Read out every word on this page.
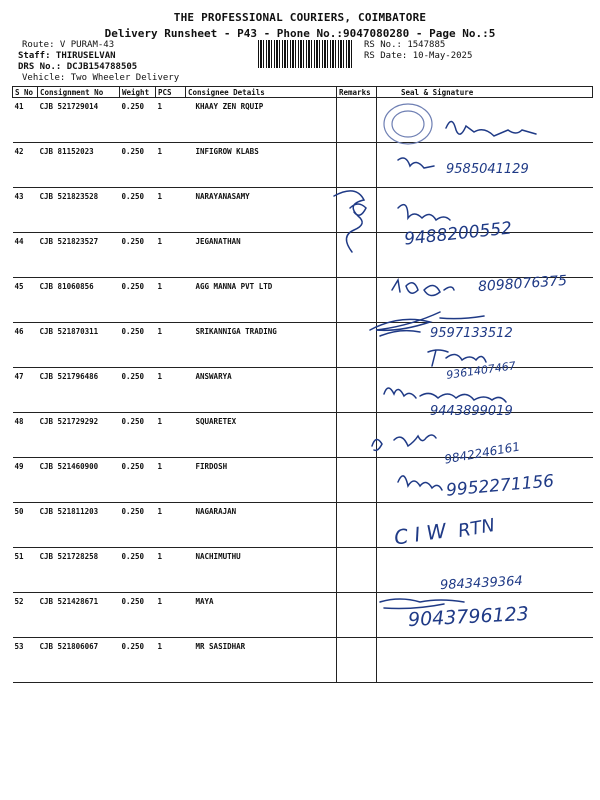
THE PROFESSIONAL COURIERS, COIMBATORE
Delivery Runsheet - P43 - Phone No.:9047080280 - Page No.:5
Route: V PURAM-43
Staff: THIRUSELVAN
DRS No.: DCJB154788505
Vehicle: Two Wheeler Delivery
RS No.: 1547885
RS Date: 10-May-2025
S No	Consignment No	Weight	PCS	Consignee Details	Remarks	Seal & Signature
41	CJB 521729014	0.250	1	KHAAY ZEN RQUIP		
42	CJB 81152023	0.250	1	INFIGROW KLABS		
43	CJB 521823528	0.250	1	NARAYANASAMY		
44	CJB 521823527	0.250	1	JEGANATHAN		
45	CJB 81060856	0.250	1	AGG MANNA PVT LTD		
46	CJB 521870311	0.250	1	SRIKANNIGA TRADING		
47	CJB 521796486	0.250	1	ANSWARYA		
48	CJB 521729292	0.250	1	SQUARETEX		
49	CJB 521460900	0.250	1	FIRDOSH		
50	CJB 521811203	0.250	1	NAGARAJAN		
51	CJB 521728258	0.250	1	NACHIMUTHU		
52	CJB 521428671	0.250	1	MAYA		
53	CJB 521806067	0.250	1	MR SASIDHAR		
9585041129
9488200552
8098076375
9597133512
9361407467
9443899019
9842246161
9952271156
C I W RTN
9843439364
9043796123
